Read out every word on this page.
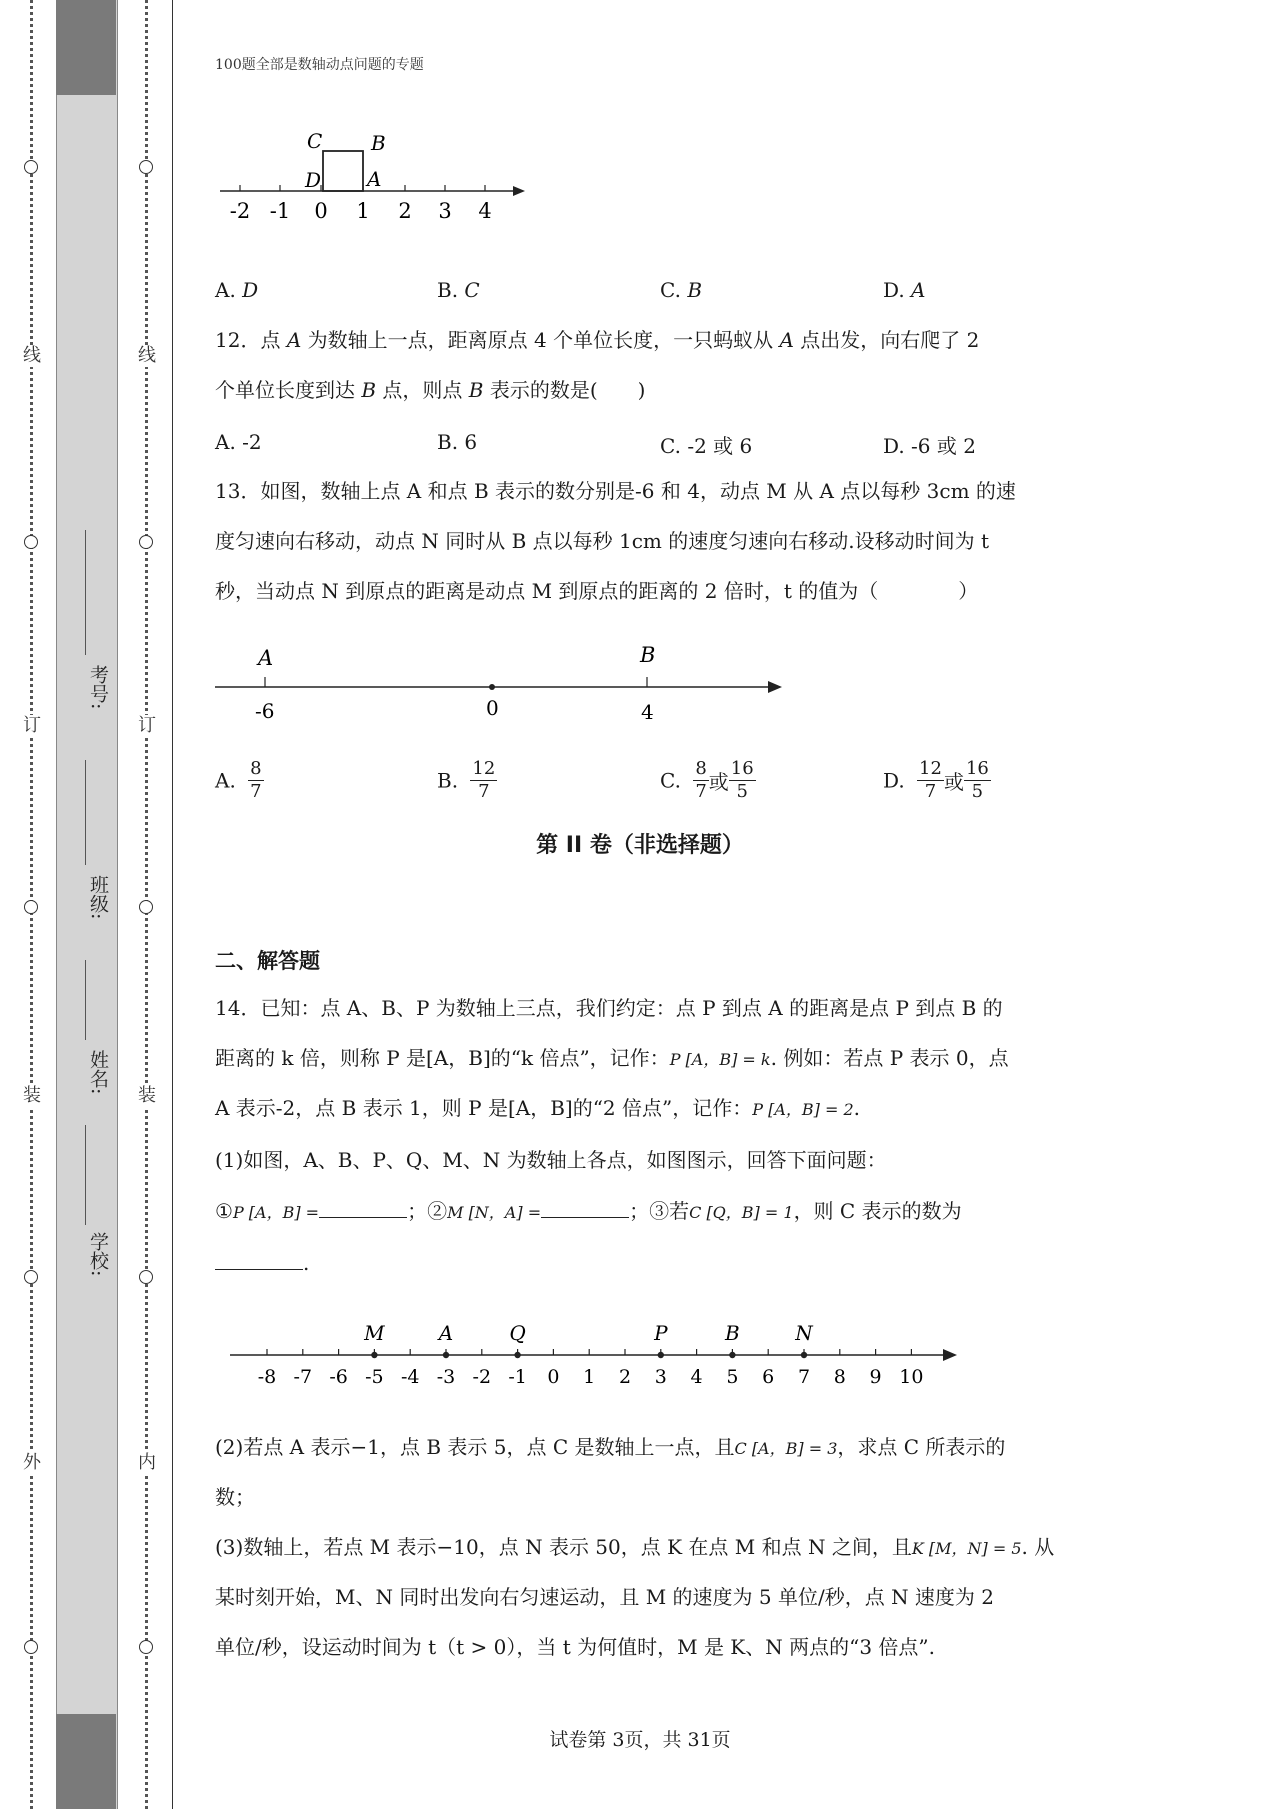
线
订
装
外
线
订
装
内
考号:
班级:
姓名:
学校:
100题全部是数轴动点问题的专题
C B
D A
-2 -1 0 1 2 3 4
A. D	B. C	C. B	D. A
12．点 A 为数轴上一点，距离原点 4 个单位长度，一只蚂蚁从 A 点出发，向右爬了 2
个单位长度到达 B 点，则点 B 表示的数是(　　)
A. -2	B. 6	C. -2 或 6	D. -6 或 2
13．如图，数轴上点 A 和点 B 表示的数分别是-6 和 4，动点 M 从 A 点以每秒 3cm 的速
度匀速向右移动，动点 N 同时从 B 点以每秒 1cm 的速度匀速向右移动.设移动时间为 t
秒，当动点 N 到原点的距离是动点 M 到原点的距离的 2 倍时，t 的值为（　　　　）
A	B
-6	0	4
A. $\frac{8}{7}$	B. $\frac{12}{7}$	C. $\frac{8}{7}$ 或 $\frac{16}{5}$	D. $\frac{12}{7}$ 或 $\frac{16}{5}$
第 II 卷（非选择题）
二、解答题
14．已知：点 A、B、P 为数轴上三点，我们约定：点 P 到点 A 的距离是点 P 到点 B 的
距离的 k 倍，则称 P 是[A，B]的“k 倍点”，记作：P [A，B] = k. 例如：若点 P 表示 0，点
A 表示-2，点 B 表示 1，则 P 是[A，B]的“2 倍点”，记作：P [A，B] = 2.
(1)如图，A、B、P、Q、M、N 为数轴上各点，如图图示，回答下面问题：
①P [A，B] =	；②M [N，A] =	；③若C [Q，B] = 1，则 C 表示的数为
.
-8 -7 -6 -5 -4 -3 -2 -1 0 1 2 3 4 5 6 7 8 9 10
M	A	Q	P	B	N
(2)若点 A 表示−1，点 B 表示 5，点 C 是数轴上一点，且C [A，B] = 3，求点 C 所表示的
数；
(3)数轴上，若点 M 表示−10，点 N 表示 50，点 K 在点 M 和点 N 之间，且K [M，N] = 5. 从
某时刻开始，M、N 同时出发向右匀速运动，且 M 的速度为 5 单位/秒，点 N 速度为 2
单位/秒，设运动时间为 t（t > 0），当 t 为何值时，M 是 K、N 两点的“3 倍点”.
试卷第 3页，共 31页
